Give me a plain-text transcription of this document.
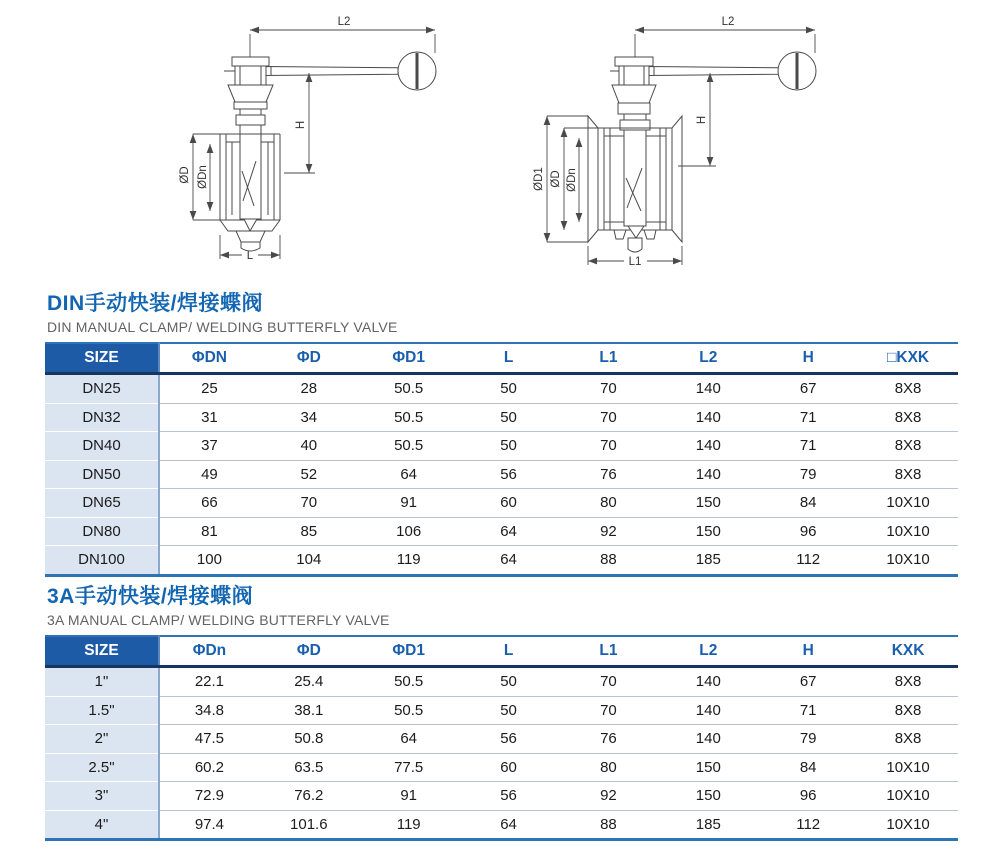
L2
H
ØD ØDn
L
L2
H
ØD1 ØD ØDn
L1
DIN手动快装/焊接蝶阀
DIN MANUAL CLAMP/ WELDING BUTTERFLY VALVE
SIZE	ΦDN	ΦD	ΦD1	L	L1	L2	H	□KXK
DN25	25	28	50.5	50	70	140	67	8X8
DN32	31	34	50.5	50	70	140	71	8X8
DN40	37	40	50.5	50	70	140	71	8X8
DN50	49	52	64	56	76	140	79	8X8
DN65	66	70	91	60	80	150	84	10X10
DN80	81	85	106	64	92	150	96	10X10
DN100	100	104	119	64	88	185	112	10X10
3A手动快装/焊接蝶阀
3A MANUAL CLAMP/ WELDING BUTTERFLY VALVE
SIZE	ΦDn	ΦD	ΦD1	L	L1	L2	H	KXK
1"	22.1	25.4	50.5	50	70	140	67	8X8
1.5"	34.8	38.1	50.5	50	70	140	71	8X8
2"	47.5	50.8	64	56	76	140	79	8X8
2.5"	60.2	63.5	77.5	60	80	150	84	10X10
3"	72.9	76.2	91	56	92	150	96	10X10
4"	97.4	101.6	119	64	88	185	112	10X10
